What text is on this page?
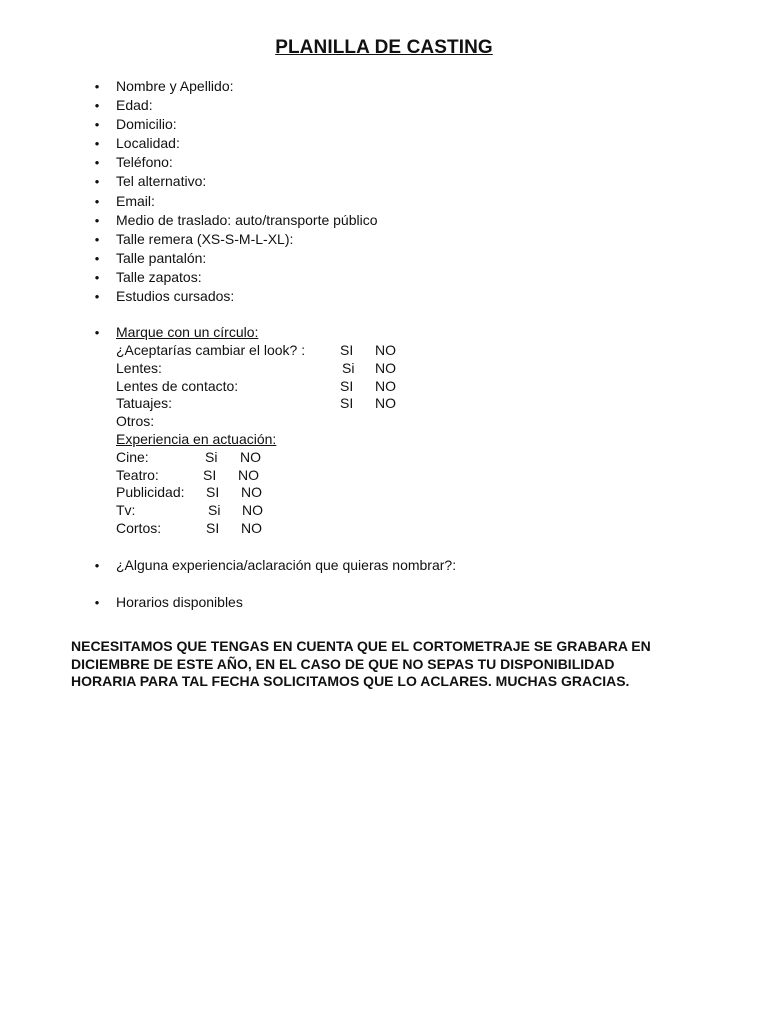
PLANILLA DE CASTING
• Nombre y Apellido:
• Edad:
• Domicilio:
• Localidad:
• Teléfono:
• Tel alternativo:
• Email:
• Medio de traslado: auto/transporte público
• Talle remera (XS-S-M-L-XL):
• Talle pantalón:
• Talle zapatos:
• Estudios cursados:
• Marque con un círculo:
¿Aceptarías cambiar el look? : SI NO
Lentes:	Si NO
Lentes de contacto:	SI NO
Tatuajes:	SI NO
Otros:
Experiencia en actuación:
Cine:	Si NO
Teatro:	SI NO
Publicidad: SI NO
Tv:	Si NO
Cortos:	SI NO
• ¿Alguna experiencia/aclaración que quieras nombrar?:
• Horarios disponibles
NECESITAMOS QUE TENGAS EN CUENTA QUE EL CORTOMETRAJE SE GRABARA EN
DICIEMBRE DE ESTE AÑO, EN EL CASO DE QUE NO SEPAS TU DISPONIBILIDAD
HORARIA PARA TAL FECHA SOLICITAMOS QUE LO ACLARES. MUCHAS GRACIAS.
